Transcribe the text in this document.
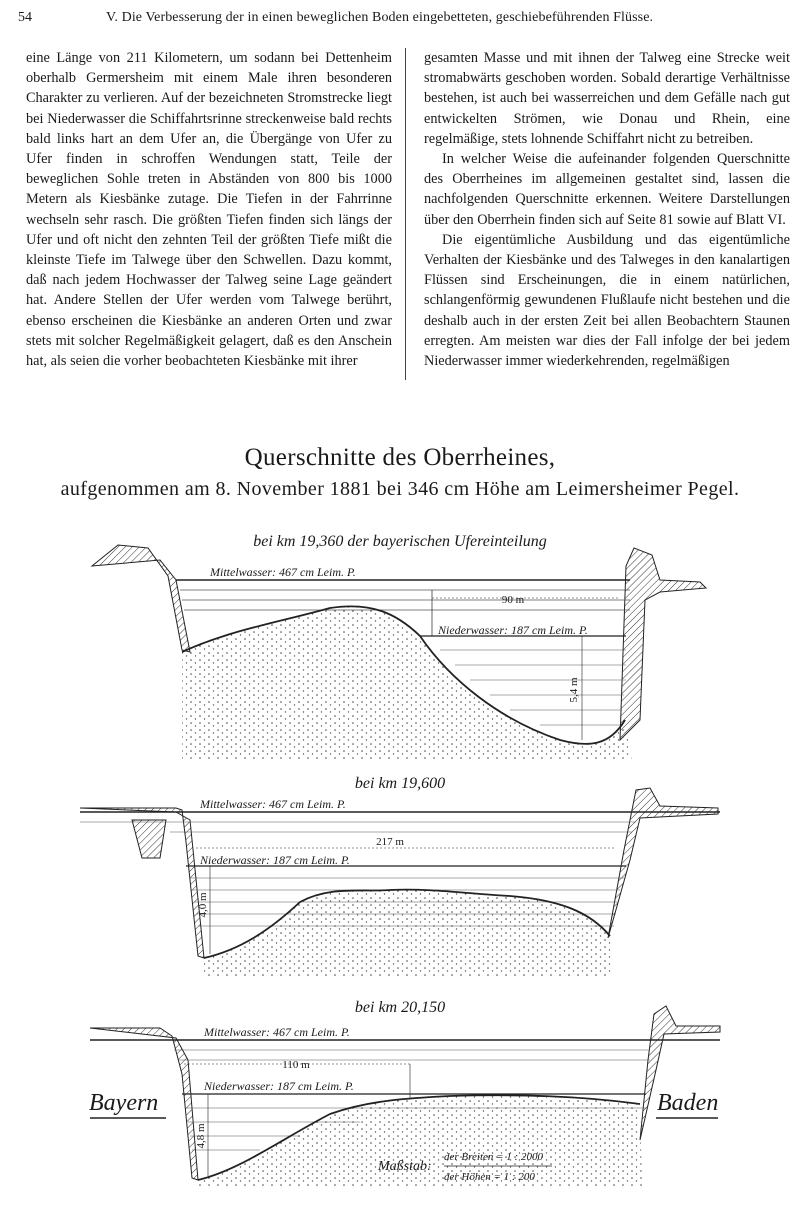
54	V. Die Verbesserung der in einen beweglichen Boden eingebetteten, geschiebeführenden Flüsse.

eine Länge von 211 Kilometern, um sodann bei Dettenheim oberhalb Germersheim mit einem Male ihren besonderen Charakter zu verlieren. Auf der bezeichneten Stromstrecke liegt bei Niederwasser die Schiffahrtsrinne streckenweise bald rechts bald links hart an dem Ufer an, die Übergänge von Ufer zu Ufer finden in schroffen Wendungen statt, Teile der beweglichen Sohle treten in Abständen von 800 bis 1000 Metern als Kiesbänke zutage. Die Tiefen in der Fahrrinne wechseln sehr rasch. Die größten Tiefen finden sich längs der Ufer und oft nicht den zehnten Teil der größten Tiefe mißt die kleinste Tiefe im Talwege über den Schwellen. Dazu kommt, daß nach jedem Hochwasser der Talweg seine Lage geändert hat. Andere Stellen der Ufer werden vom Talwege berührt, ebenso erscheinen die Kiesbänke an anderen Orten und zwar stets mit solcher Regelmäßigkeit gelagert, daß es den Anschein hat, als seien die vorher beobachteten Kiesbänke mit ihrer

gesamten Masse und mit ihnen der Talweg eine Strecke weit stromabwärts geschoben worden. Sobald derartige Verhältnisse bestehen, ist auch bei wasserreichen und dem Gefälle nach gut entwickelten Strömen, wie Donau und Rhein, eine regelmäßige, stets lohnende Schiffahrt nicht zu betreiben.

In welcher Weise die aufeinander folgenden Querschnitte des Oberrheines im allgemeinen gestaltet sind, lassen die nachfolgenden Querschnitte erkennen. Weitere Darstellungen über den Oberrhein finden sich auf Seite 81 sowie auf Blatt VI.

Die eigentümliche Ausbildung und das eigentümliche Verhalten der Kiesbänke und des Talweges in den kanalartigen Flüssen sind Erscheinungen, die in einem natürlichen, schlangenförmig gewundenen Flußlaufe nicht bestehen und die deshalb auch in der ersten Zeit bei allen Beobachtern Staunen erregten. Am meisten war dies der Fall infolge der bei jedem Niederwasser immer wiederkehrenden, regelmäßigen

Querschnitte des Oberrheines,
aufgenommen am 8. November 1881 bei 346 cm Höhe am Leimersheimer Pegel.
bei km 19,360 der bayerischen Ufereinteilung
Mittelwasser: 467 cm Leim. P.
Niederwasser: 187 cm Leim. P.
90 m
5,4 m
bei km 19,600
Mittelwasser: 467 cm Leim. P.
Niederwasser: 187 cm Leim. P.
217 m
4,0 m
bei km 20,150
Mittelwasser: 467 cm Leim. P.
Niederwasser: 187 cm Leim. P.
110 m
4,8 m
Bayern	Baden
Maßstab:
der Breiten = 1 : 2000
der Höhen = 1 : 200
